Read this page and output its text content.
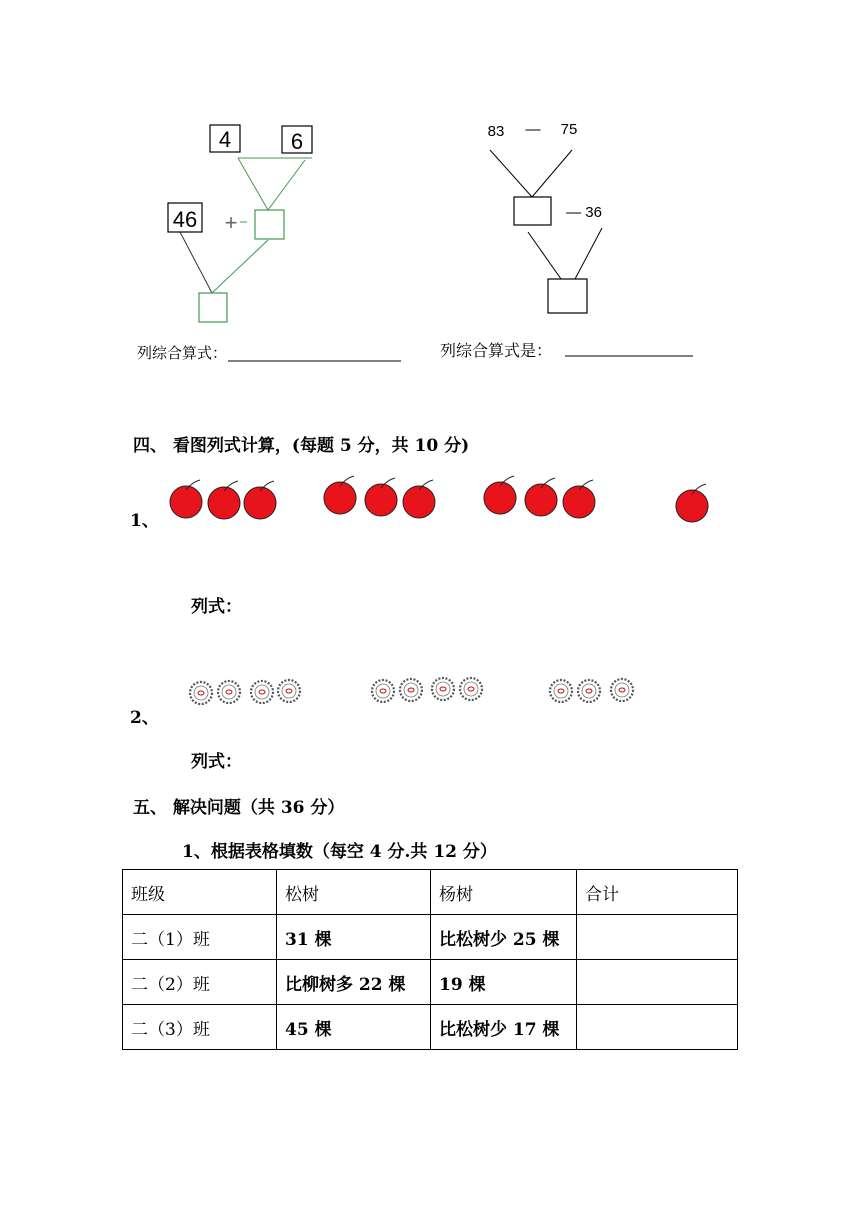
4	6
46 +
83 — 75
— 36
列综合算式：	列综合算式是：
四、 看图列式计算，(每题 5 分，共 10 分)
1、
列式：
2、
列式：
五、 解决问题（共 36 分）
1、根据表格填数（每空 4 分.共 12 分）
班级	松树	杨树	合计
二（1）班	31 棵	比松树少 25 棵	
二（2）班	比柳树多 22 棵	19 棵	
二（3）班	45 棵	比松树少 17 棵	
